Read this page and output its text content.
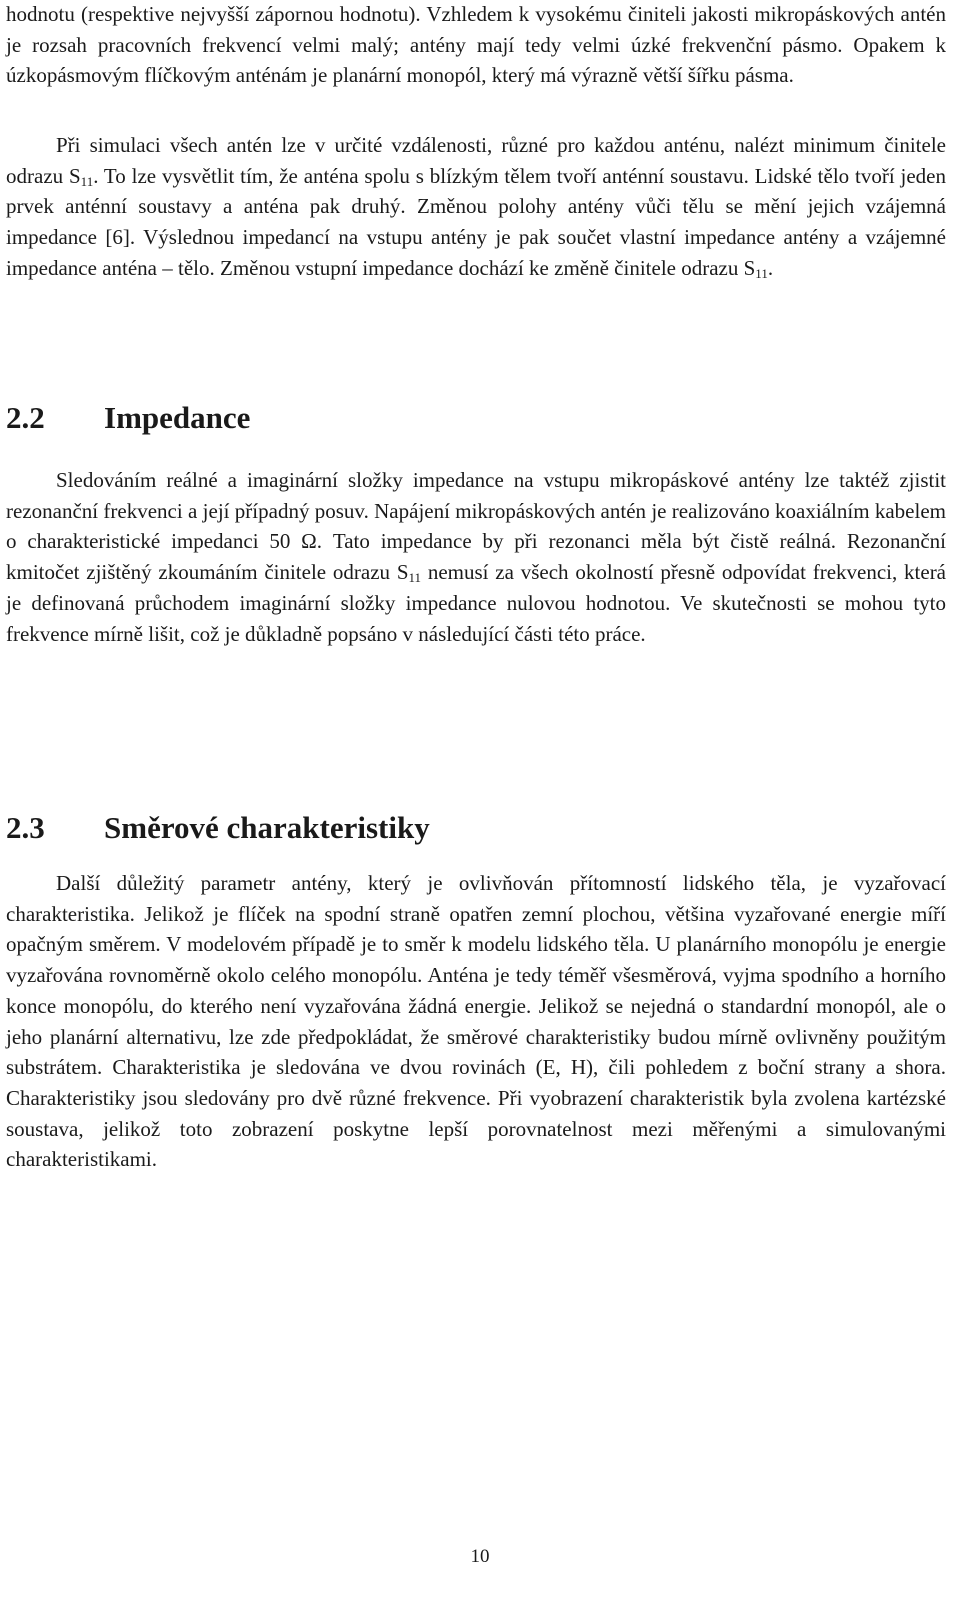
hodnotu (respektive nejvyšší zápornou hodnotu). Vzhledem k vysokému činiteli jakosti mikropáskových antén je rozsah pracovních frekvencí velmi malý; antény mají tedy velmi úzké frekvenční pásmo. Opakem k úzkopásmovým flíčkovým anténám je planární monopól, který má výrazně větší šířku pásma.

Při simulaci všech antén lze v určité vzdálenosti, různé pro každou anténu, nalézt minimum činitele odrazu $S_{11}$. To lze vysvětlit tím, že anténa spolu s blízkým tělem tvoří anténní soustavu. Lidské tělo tvoří jeden prvek anténní soustavy a anténa pak druhý. Změnou polohy antény vůči tělu se mění jejich vzájemná impedance [6]. Výslednou impedancí na vstupu antény je pak součet vlastní impedance antény a vzájemné impedance anténa – tělo. Změnou vstupní impedance dochází ke změně činitele odrazu $S_{11}$.

2.2 Impedance

Sledováním reálné a imaginární složky impedance na vstupu mikropáskové antény lze taktéž zjistit rezonanční frekvenci a její případný posuv. Napájení mikropáskových antén je realizováno koaxiálním kabelem o charakteristické impedanci 50 Ω. Tato impedance by při rezonanci měla být čistě reálná. Rezonanční kmitočet zjištěný zkoumáním činitele odrazu $S_{11}$ nemusí za všech okolností přesně odpovídat frekvenci, která je definovaná průchodem imaginární složky impedance nulovou hodnotou. Ve skutečnosti se mohou tyto frekvence mírně lišit, což je důkladně popsáno v následující části této práce.

2.3 Směrové charakteristiky

Další důležitý parametr antény, který je ovlivňován přítomností lidského těla, je vyzařovací charakteristika. Jelikož je flíček na spodní straně opatřen zemní plochou, většina vyzařované energie míří opačným směrem. V modelovém případě je to směr k modelu lidského těla. U planárního monopólu je energie vyzařována rovnoměrně okolo celého monopólu. Anténa je tedy téměř všesměrová, vyjma spodního a horního konce monopólu, do kterého není vyzařována žádná energie. Jelikož se nejedná o standardní monopól, ale o jeho planární alternativu, lze zde předpokládat, že směrové charakteristiky budou mírně ovlivněny použitým substrátem. Charakteristika je sledována ve dvou rovinách (E, H), čili pohledem z boční strany a shora. Charakteristiky jsou sledovány pro dvě různé frekvence. Při vyobrazení charakteristik byla zvolena kartézské soustava, jelikož toto zobrazení poskytne lepší porovnatelnost mezi měřenými a simulovanými charakteristikami.

10
